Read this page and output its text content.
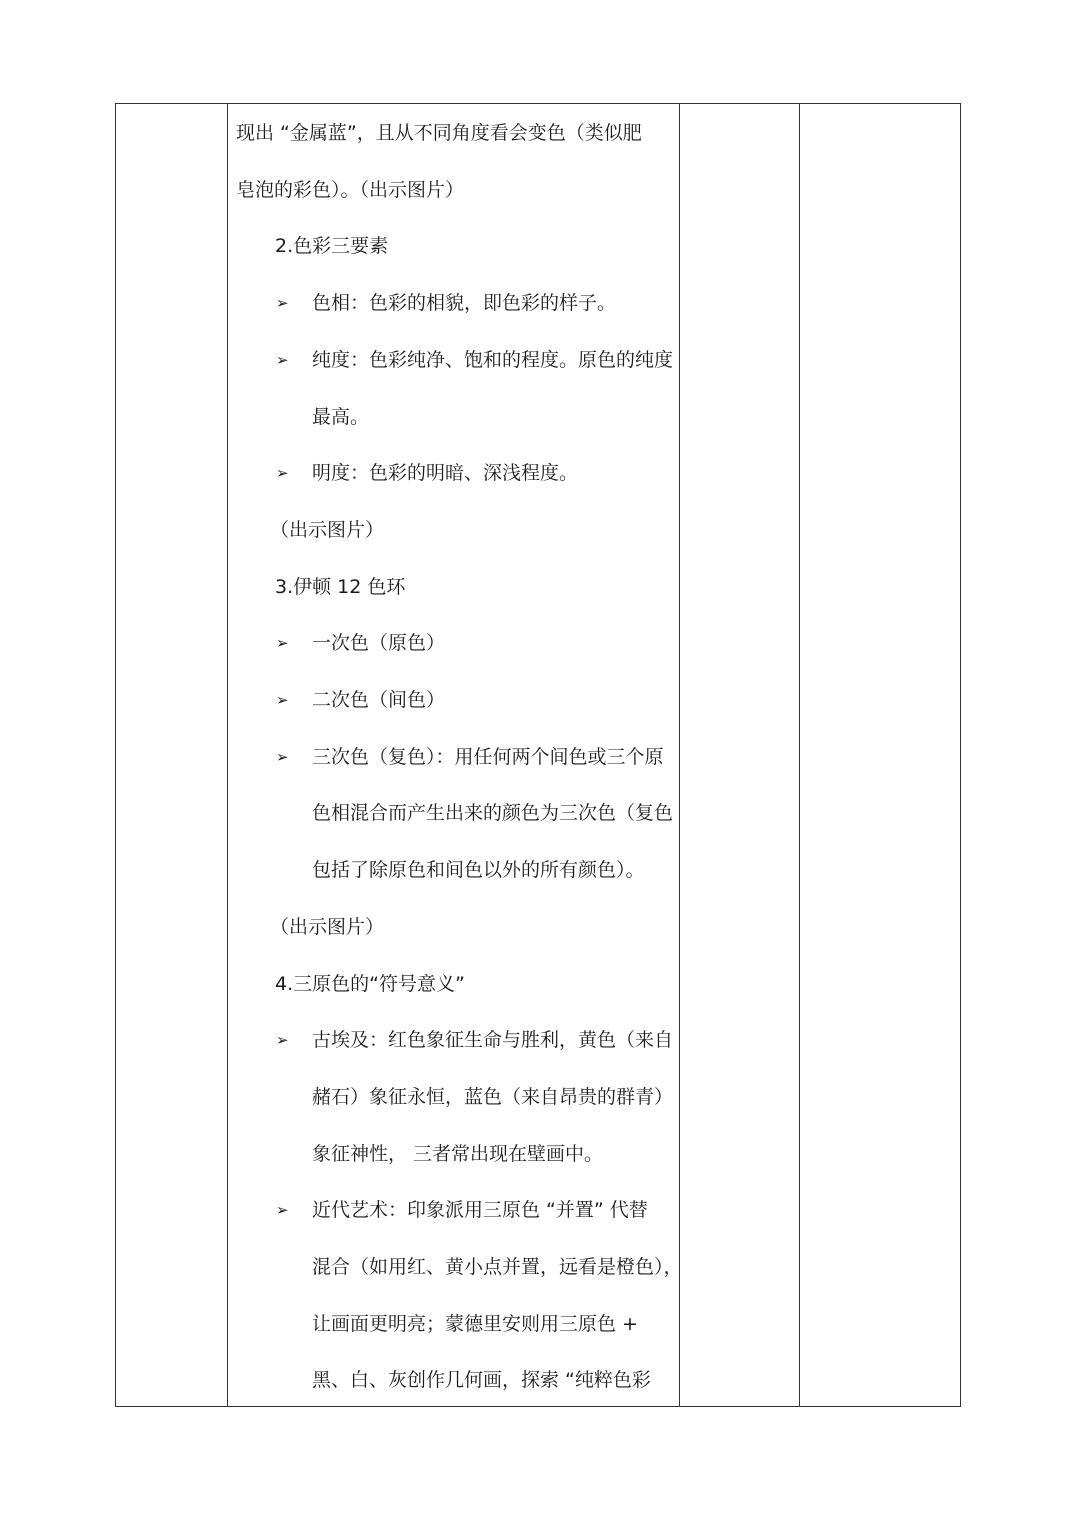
现出 “金属蓝”，且从不同角度看会变色（类似肥
皂泡的彩色）。（出示图片）
2.色彩三要素
➢ 色相：色彩的相貌，即色彩的样子。
➢ 纯度：色彩纯净、饱和的程度。原色的纯度
最高。
➢ 明度：色彩的明暗、深浅程度。
（出示图片）
3.伊顿 12 色环
➢ 一次色（原色）
➢ 二次色（间色）
➢ 三次色（复色）：用任何两个间色或三个原
色相混合而产生出来的颜色为三次色（复色
包括了除原色和间色以外的所有颜色）。
（出示图片）
4.三原色的“符号意义”
➢ 古埃及：红色象征生命与胜利，黄色（来自
赭石）象征永恒，蓝色（来自昂贵的群青）
象征神性， 三者常出现在壁画中。
➢ 近代艺术：印象派用三原色 “并置” 代替
混合（如用红、黄小点并置，远看是橙色），
让画面更明亮；蒙德里安则用三原色 +
黑、白、灰创作几何画，探索 “纯粹色彩
